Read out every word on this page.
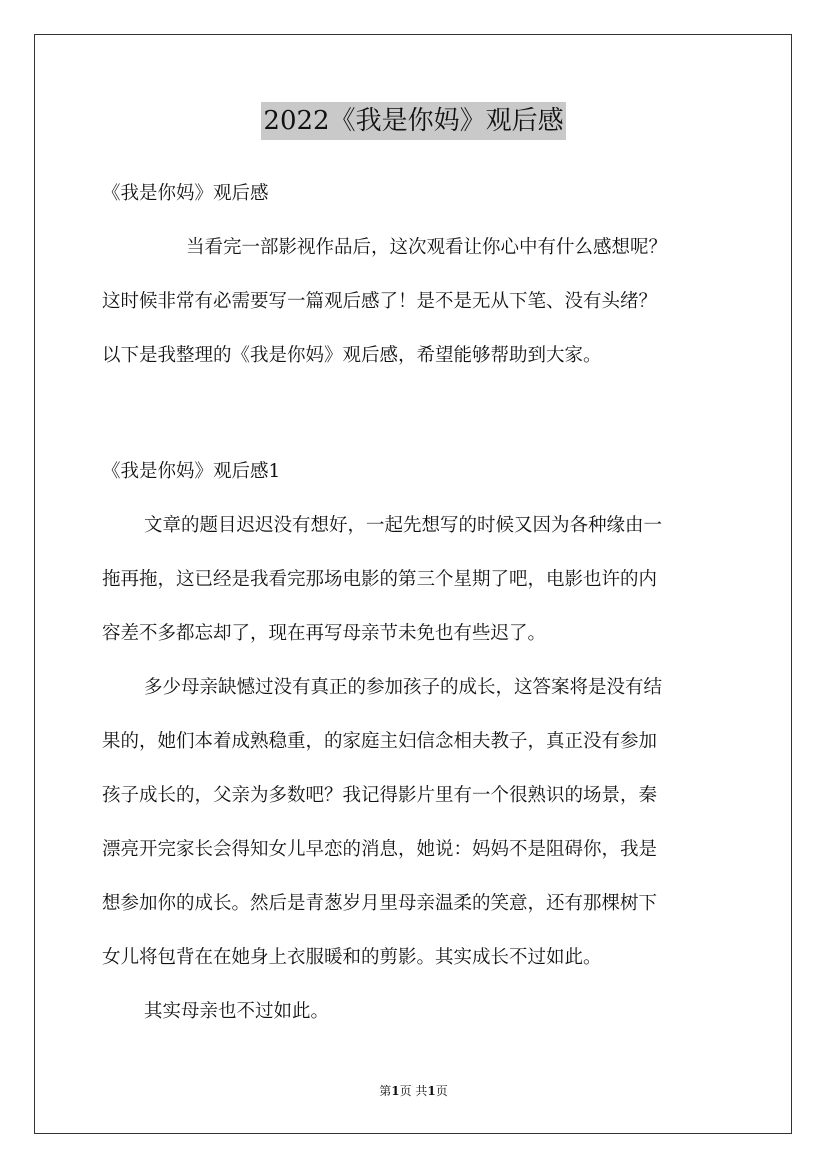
2022《我是你妈》观后感

《我是你妈》观后感

当看完一部影视作品后，这次观看让你心中有什么感想呢？

这时候非常有必需要写一篇观后感了！是不是无从下笔、没有头绪？

以下是我整理的《我是你妈》观后感，希望能够帮助到大家。

《我是你妈》观后感1

文章的题目迟迟没有想好，一起先想写的时候又因为各种缘由一

拖再拖，这已经是我看完那场电影的第三个星期了吧，电影也许的内

容差不多都忘却了，现在再写母亲节未免也有些迟了。

多少母亲缺憾过没有真正的参加孩子的成长，这答案将是没有结

果的，她们本着成熟稳重，的家庭主妇信念相夫教子，真正没有参加

孩子成长的，父亲为多数吧？我记得影片里有一个很熟识的场景，秦

漂亮开完家长会得知女儿早恋的消息，她说：妈妈不是阻碍你，我是

想参加你的成长。然后是青葱岁月里母亲温柔的笑意，还有那棵树下

女儿将包背在在她身上衣服暖和的剪影。其实成长不过如此。

其实母亲也不过如此。

第1页 共1页
